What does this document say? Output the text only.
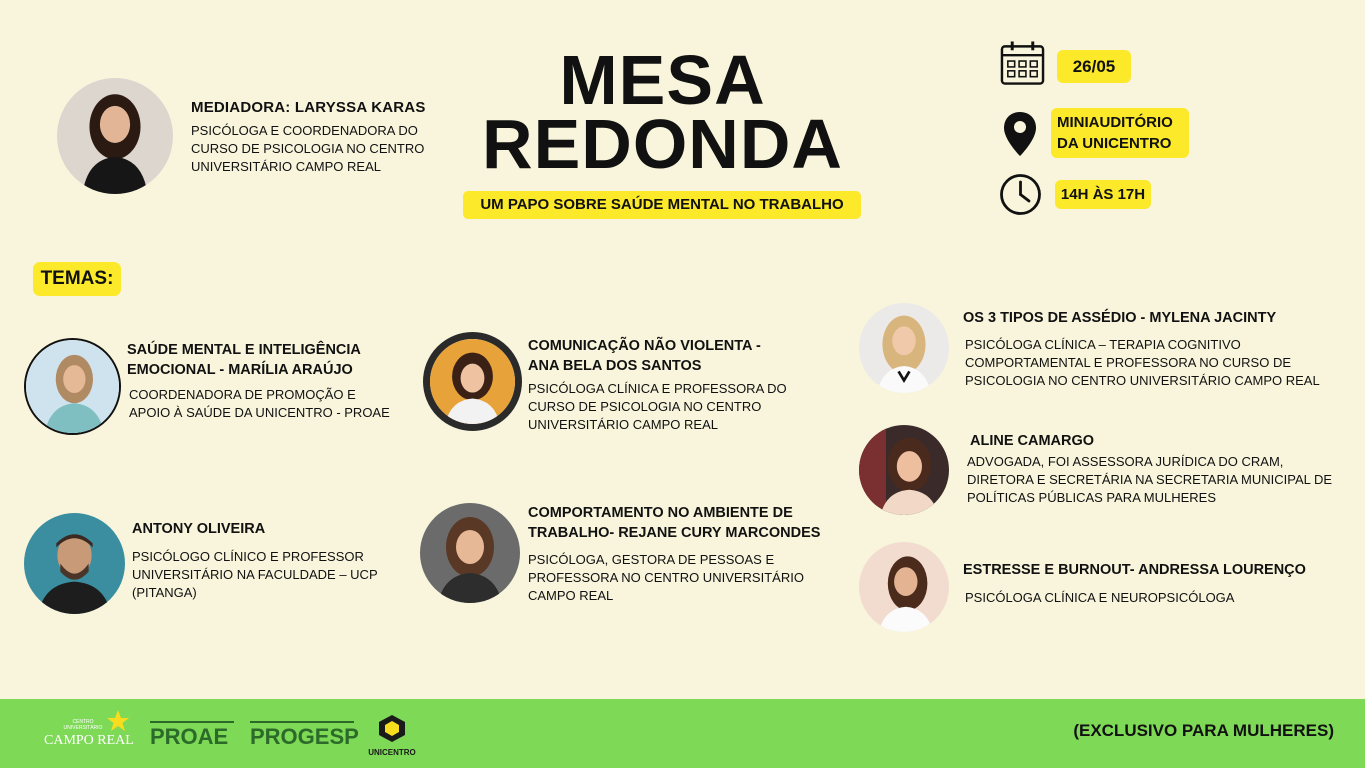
MEDIADORA: LARYSSA KARAS
PSICÓLOGA E COORDENADORA DO
CURSO DE PSICOLOGIA NO CENTRO
UNIVERSITÁRIO CAMPO REAL
MESA
REDONDA
UM PAPO SOBRE SAÚDE MENTAL NO TRABALHO
26/05
MINIAUDITÓRIO
DA UNICENTRO
14H ÀS 17H
TEMAS:
SAÚDE MENTAL E INTELIGÊNCIA
EMOCIONAL - MARÍLIA ARAÚJO
COORDENADORA DE PROMOÇÃO E
APOIO À SAÚDE DA UNICENTRO - PROAE
ANTONY OLIVEIRA
PSICÓLOGO CLÍNICO E PROFESSOR
UNIVERSITÁRIO NA FACULDADE – UCP
(PITANGA)
COMUNICAÇÃO NÃO VIOLENTA -
ANA BELA DOS SANTOS
PSICÓLOGA CLÍNICA E PROFESSORA DO
CURSO DE PSICOLOGIA NO CENTRO
UNIVERSITÁRIO CAMPO REAL
COMPORTAMENTO NO AMBIENTE DE
TRABALHO- REJANE CURY MARCONDES
PSICÓLOGA, GESTORA DE PESSOAS E
PROFESSORA NO CENTRO UNIVERSITÁRIO
CAMPO REAL
OS 3 TIPOS DE ASSÉDIO - MYLENA JACINTY
PSICÓLOGA CLÍNICA – TERAPIA COGNITIVO
COMPORTAMENTAL E PROFESSORA NO CURSO DE
PSICOLOGIA NO CENTRO UNIVERSITÁRIO CAMPO REAL
ALINE CAMARGO
ADVOGADA, FOI ASSESSORA JURÍDICA DO CRAM,
DIRETORA E SECRETÁRIA NA SECRETARIA MUNICIPAL DE
POLÍTICAS PÚBLICAS PARA MULHERES
ESTRESSE E BURNOUT- ANDRESSA LOURENÇO
PSICÓLOGA CLÍNICA E NEUROPSICÓLOGA
CENTRO UNIVERSITÁRIO
CAMPO REAL PROAE PROGESP
UNICENTRO
(EXCLUSIVO PARA MULHERES)
